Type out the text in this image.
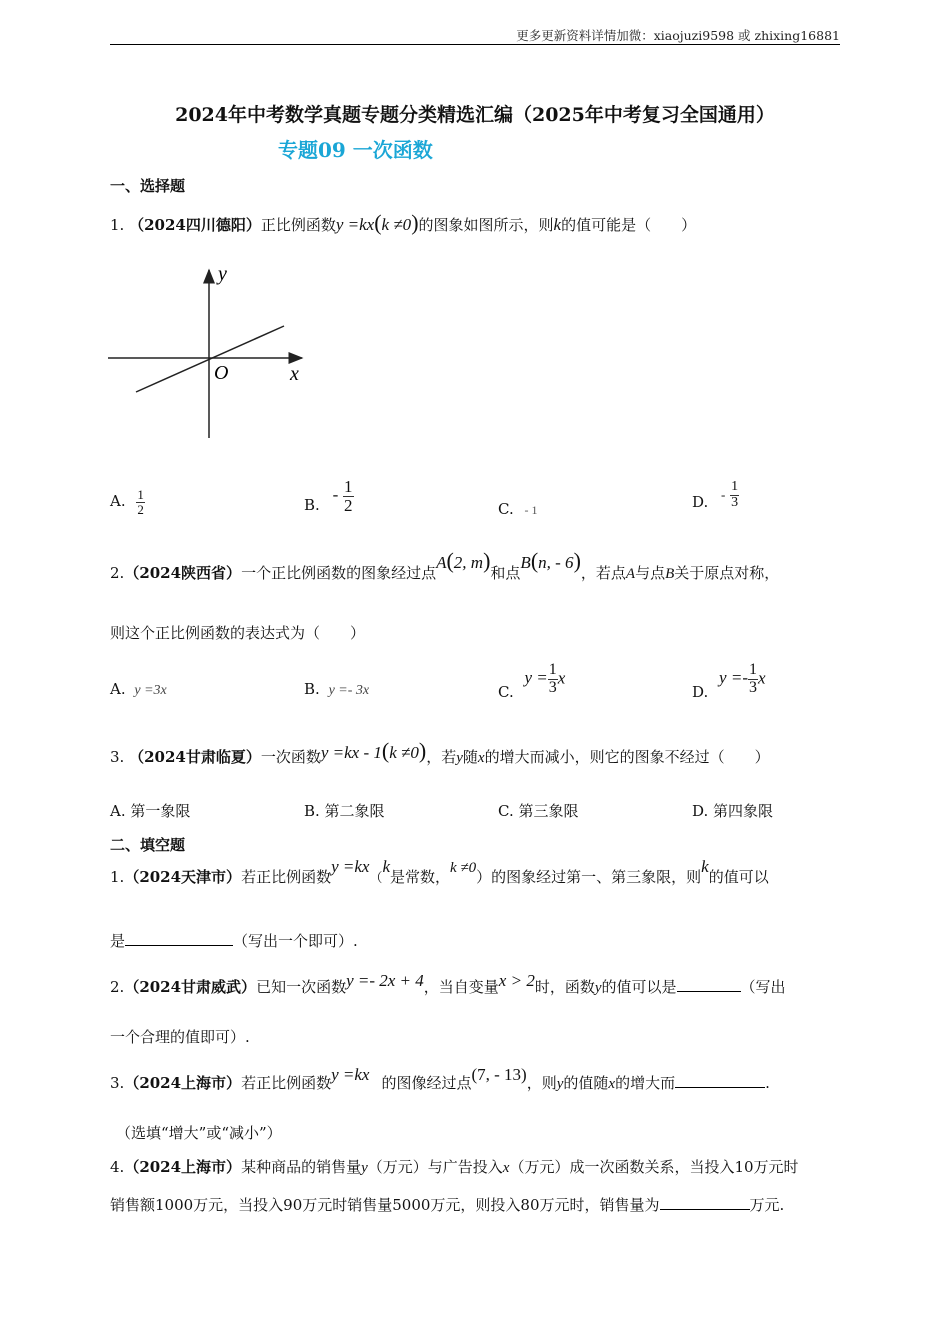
更多更新资料详情加微：xiaojuzi9598 或 zhixing16881
2024年中考数学真题专题分类精选汇编（2025年中考复习全国通用）
专题09 一次函数
一、选择题
1. （2024四川德阳）正比例函数y =kx(k ≠0)的图象如图所示，则k的值可能是（　　）
y
x
O
A. $\frac{1}{2}$	B. - $\frac{1}{2}$	C. - 1	D. - $\frac{1}{3}$
2.（2024陕西省）一个正比例函数的图象经过点A(2, m)和点B(n, - 6)，若点A与点B关于原点对称，
则这个正比例函数的表达式为（　　）
A. y =3x	B. y =- 3x	C. $y = \frac{1}{3}$ x
D. $y =- \frac{1}{3}$ x
3. （2024甘肃临夏）一次函数y =kx - 1(k ≠0)，若y随x的增大而减小，则它的图象不经过（　　）
A. 第一象限	B. 第二象限	C. 第三象限	D. 第四象限
二、填空题
1.（2024天津市）若正比例函数y =kx（k是常数，k ≠0）的图象经过第一、第三象限，则k的值可以
是	（写出一个即可）.
2.（2024甘肃威武）已知一次函数y =- 2x + 4，当自变量x > 2时，函数y的值可以是	（写出
一个合理的值即可）.
3.（2024上海市）若正比例函数y =kx 的图像经过点(7, - 13)，则y的值随x的增大而	.
（选填“增大”或“减小”）
4.（2024上海市）某种商品的销售量y（万元）与广告投入x（万元）成一次函数关系，当投入10万元时
销售额1000万元，当投入90万元时销售量5000万元，则投入80万元时，销售量为	万元.
